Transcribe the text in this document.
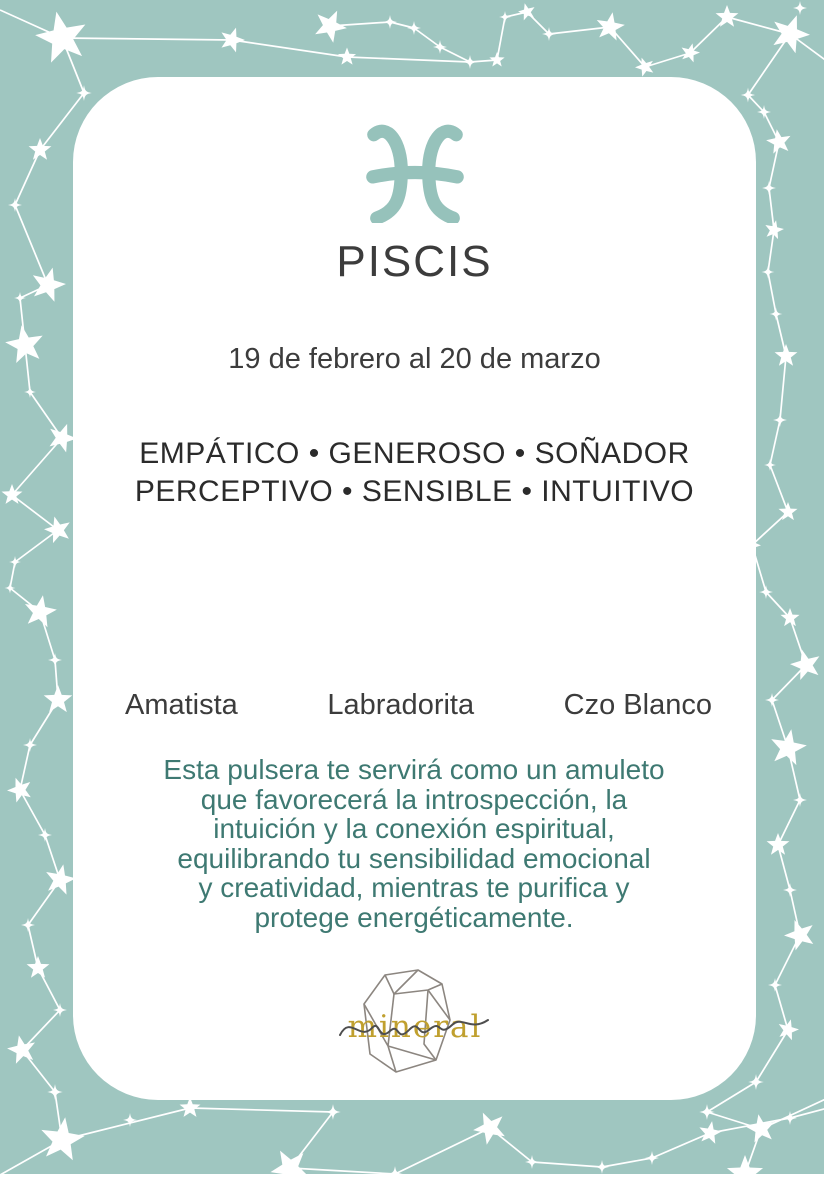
PISCIS
19 de febrero al 20 de marzo
EMPÁTICO • GENEROSO • SOÑADOR
PERCEPTIVO • SENSIBLE • INTUITIVO
Amatista	Labradorita	Czo Blanco
Esta pulsera te servirá como un amuleto
que favorecerá la introspección, la
intuición y la conexión espiritual,
equilibrando tu sensibilidad emocional
y creatividad, mientras te purifica y
protege energéticamente.
mineral
